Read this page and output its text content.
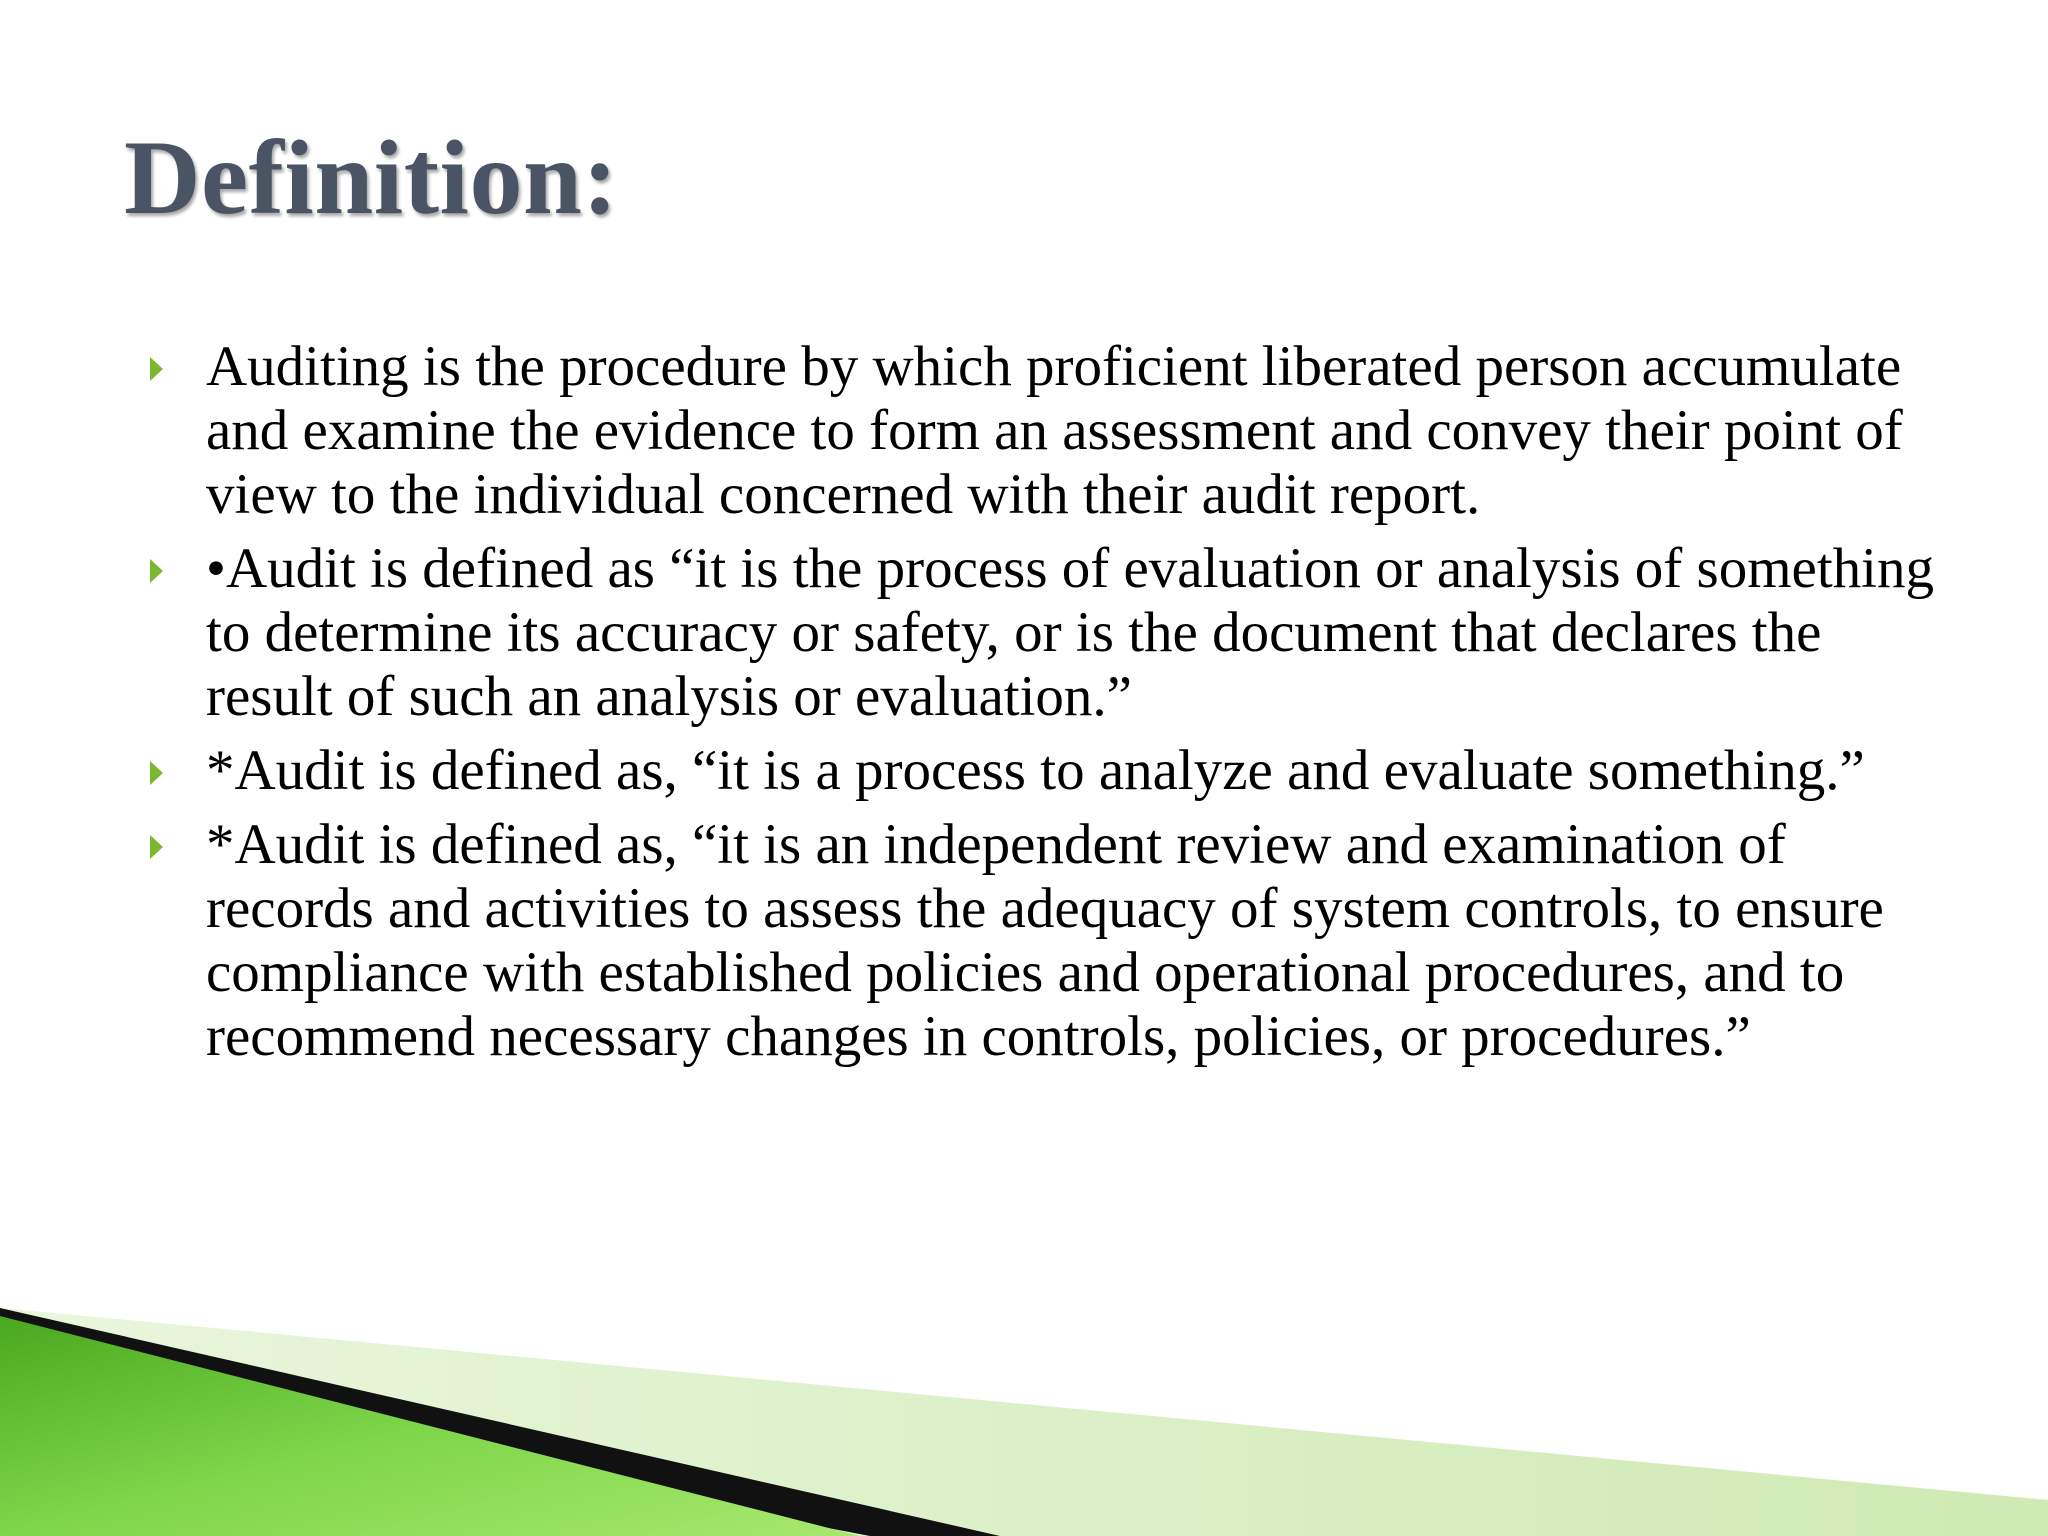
Definition:
Auditing is the procedure by which proficient liberated person accumulate and examine the evidence to form an assessment and convey their point of view to the individual concerned with their audit report.
•Audit is defined as “it is the process of evaluation or analysis of something to determine its accuracy or safety, or is the document that declares the result of such an analysis or evaluation.”
*Audit is defined as, “it is a process to analyze and evaluate something.”
*Audit is defined as, “it is an independent review and examination of records and activities to assess the adequacy of system controls, to ensure compliance with established policies and operational procedures, and to recommend necessary changes in controls, policies, or procedures.”
